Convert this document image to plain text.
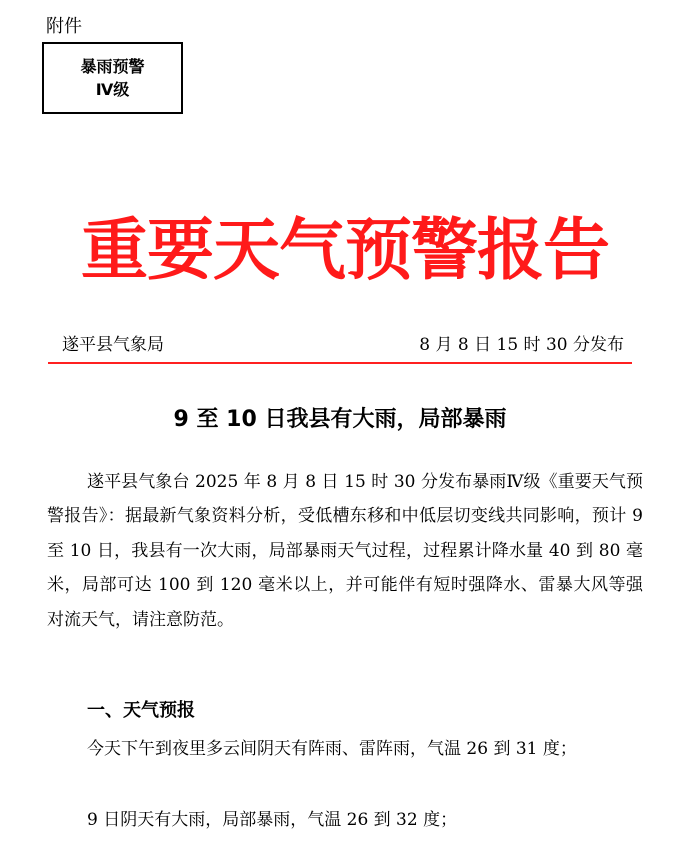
附件
暴雨预警
Ⅳ级
重要天气预警报告
遂平县气象局	8 月 8 日 15 时 30 分发布
9 至 10 日我县有大雨，局部暴雨
遂平县气象台 2025 年 8 月 8 日 15 时 30 分发布暴雨Ⅳ级《重要天气预警报告》：据最新气象资料分析，受低槽东移和中低层切变线共同影响，预计 9 至 10 日，我县有一次大雨，局部暴雨天气过程，过程累计降水量 40 到 80 毫米，局部可达 100 到 120 毫米以上，并可能伴有短时强降水、雷暴大风等强对流天气，请注意防范。
一、天气预报
今天下午到夜里多云间阴天有阵雨、雷阵雨，气温 26 到 31 度；
9 日阴天有大雨，局部暴雨，气温 26 到 32 度；
